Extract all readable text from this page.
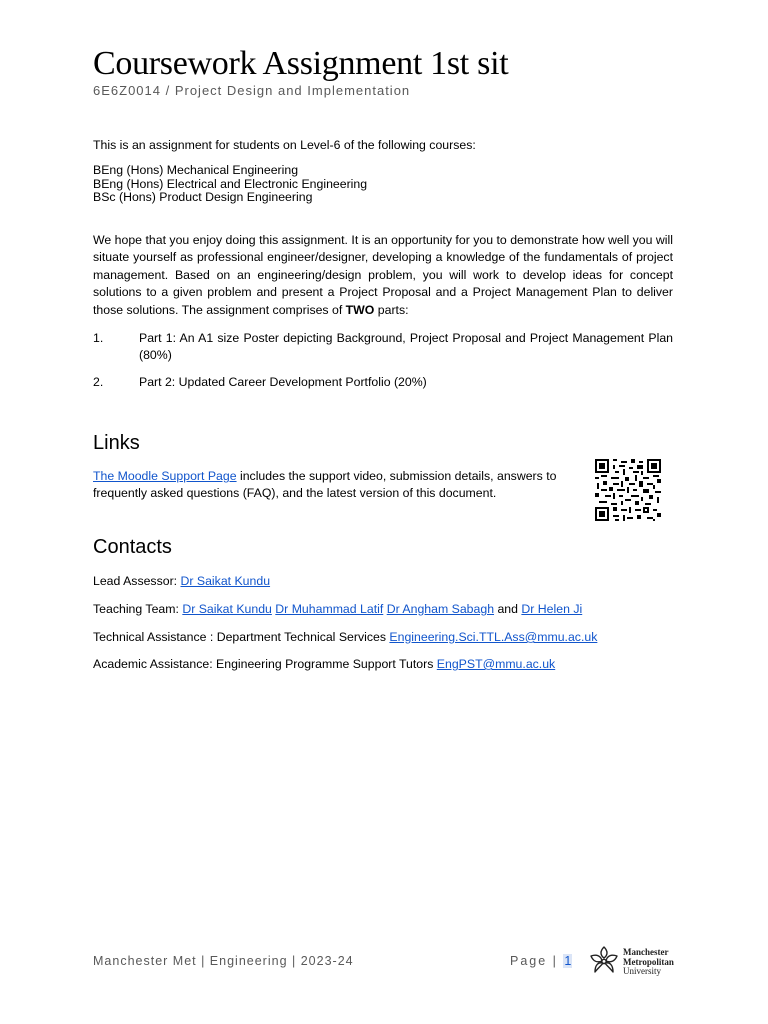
Coursework Assignment 1st sit
6E6Z0014 / Project Design and Implementation
This is an assignment for students on Level-6 of the following courses:
BEng (Hons) Mechanical Engineering
BEng (Hons) Electrical and Electronic Engineering
BSc (Hons) Product Design Engineering
We hope that you enjoy doing this assignment. It is an opportunity for you to demonstrate how well you will situate yourself as professional engineer/designer, developing a knowledge of the fundamentals of project management. Based on an engineering/design problem, you will work to develop ideas for concept solutions to a given problem and present a Project Proposal and a Project Management Plan to deliver those solutions. The assignment comprises of TWO parts:
1.	Part 1: An A1 size Poster depicting Background, Project Proposal and Project Management Plan (80%)
2.	Part 2: Updated Career Development Portfolio (20%)
Links
The Moodle Support Page includes the support video, submission details, answers to frequently asked questions (FAQ), and the latest version of this document.
Contacts
Lead Assessor: Dr Saikat Kundu
Teaching Team: Dr Saikat Kundu Dr Muhammad Latif Dr Angham Sabagh and Dr Helen Ji
Technical Assistance : Department Technical Services Engineering.Sci.TTL.Ass@mmu.ac.uk
Academic Assistance: Engineering Programme Support Tutors EngPST@mmu.ac.uk
Manchester Met | Engineering | 2023-24	Page | 1
Manchester
Metropolitan
University
